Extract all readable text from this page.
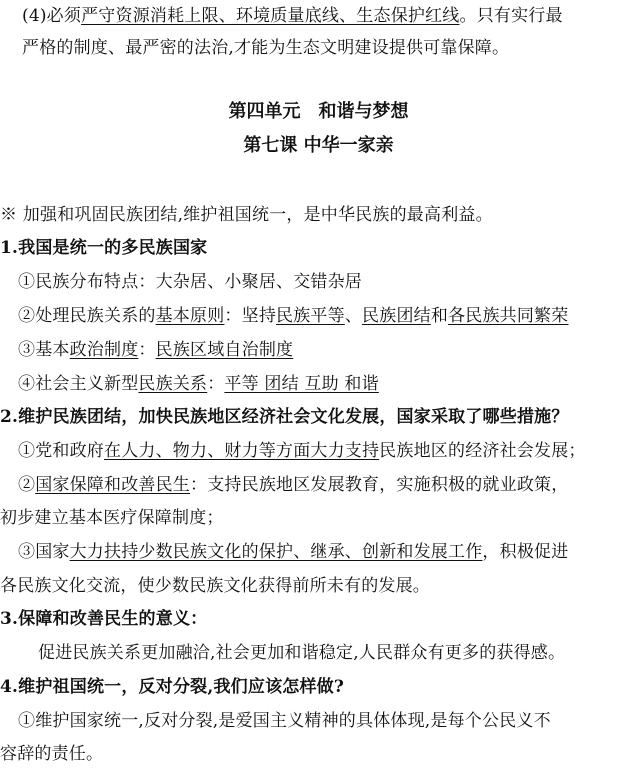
(4)必须严守资源消耗上限、环境质量底线、生态保护红线。只有实行最
严格的制度、最严密的法治,才能为生态文明建设提供可靠保障。
第四单元　和谐与梦想
第七课 中华一家亲
※ 加强和巩固民族团结,维护祖国统一，是中华民族的最高利益。
1.我国是统一的多民族国家
①民族分布特点：大杂居、小聚居、交错杂居
②处理民族关系的基本原则：坚持民族平等、民族团结和各民族共同繁荣
③基本政治制度：民族区域自治制度
④社会主义新型民族关系：平等 团结 互助 和谐
2.维护民族团结，加快民族地区经济社会文化发展，国家采取了哪些措施？
①党和政府在人力、物力、财力等方面大力支持民族地区的经济社会发展；
②国家保障和改善民生：支持民族地区发展教育，实施积极的就业政策，
初步建立基本医疗保障制度；
③国家大力扶持少数民族文化的保护、继承、创新和发展工作，积极促进
各民族文化交流，使少数民族文化获得前所未有的发展。
3.保障和改善民生的意义：
促进民族关系更加融洽,社会更加和谐稳定,人民群众有更多的获得感。
4.维护祖国统一，反对分裂,我们应该怎样做?
①维护国家统一,反对分裂,是爱国主义精神的具体体现,是每个公民义不
容辞的责任。
